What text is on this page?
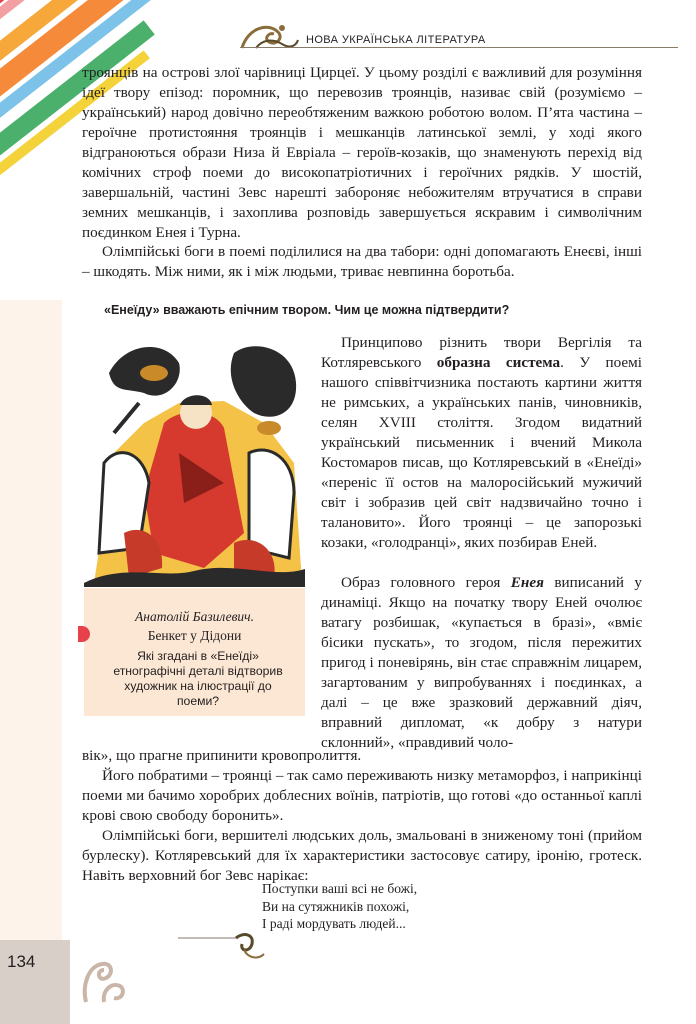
НОВА УКРАЇНСЬКА ЛІТЕРАТУРА

троянців на острові злої чарівниці Цирцеї. У цьому розділі є важливий для розуміння ідеї твору епізод: поромник, що перевозив троянців, називає свій (розуміємо – український) народ довічно переобтяженим важкою роботою волом. П’ята частина – героїчне протистояння троянців і мешканців латинської землі, у ході якого відграноються образи Низа й Евріала – героїв-козаків, що знаменують перехід від комічних строф поеми до високопатріотичних і героїчних рядків. У шостій, завершальній, частині Зевс нарешті забороняє небожителям втручатися в справи земних мешканців, і захоплива розповідь завершується яскравим і символічним поєдинком Енея і Турна.

Олімпійські боги в поемі поділилися на два табори: одні допомагають Енеєві, інші – шкодять. Між ними, як і між людьми, триває невпинна боротьба.

«Енеїду» вважають епічним твором. Чим це можна підтвердити?

Анатолій Базилевич.

Бенкет у Дідони

Які згадані в «Енеїді» етнографічні деталі відтворив художник на ілюстрації до поеми?

Принципово різнить твори Вергілія та Котляревського образна система. У поемі нашого співвітчизника постають картини життя не римських, а українських панів, чиновників, селян XVIII століття. Згодом видатний український письменник і вчений Микола Костомаров писав, що Котляревський в «Енеїді» «переніс її остов на малоросійський мужичий світ і зобразив цей світ надзвичайно точно і талановито». Його троянці – це запорозькі козаки, «голодранці», яких позбирав Еней.

Образ головного героя Енея виписаний у динаміці. Якщо на початку твору Еней очолює ватагу розбишак, «купається в бразі», «вміє бісики пускать», то згодом, після пережитих пригод і поневірянь, він стає справжнім лицарем, загартованим у випробуваннях і поєдинках, а далі – це вже зразковий державний діяч, вправний дипломат, «к добру з натури склонний», «правдивий чоло-

вік», що прагне припинити кровопролиття.

Його побратими – троянці – так само переживають низку метаморфоз, і наприкінці поеми ми бачимо хоробрих доблесних воїнів, патріотів, що готові «до останньої каплі крові свою свободу боронить».

Олімпійські боги, вершителі людських доль, змальовані в зниженому тоні (прийом бурлеску). Котляревський для їх характеристики застосовує сатиру, іронію, гротеск. Навіть верховний бог Зевс нарікає:

Поступки ваші всі не божі,
Ви на сутяжників похожі,
І раді мордувать людей...
134
